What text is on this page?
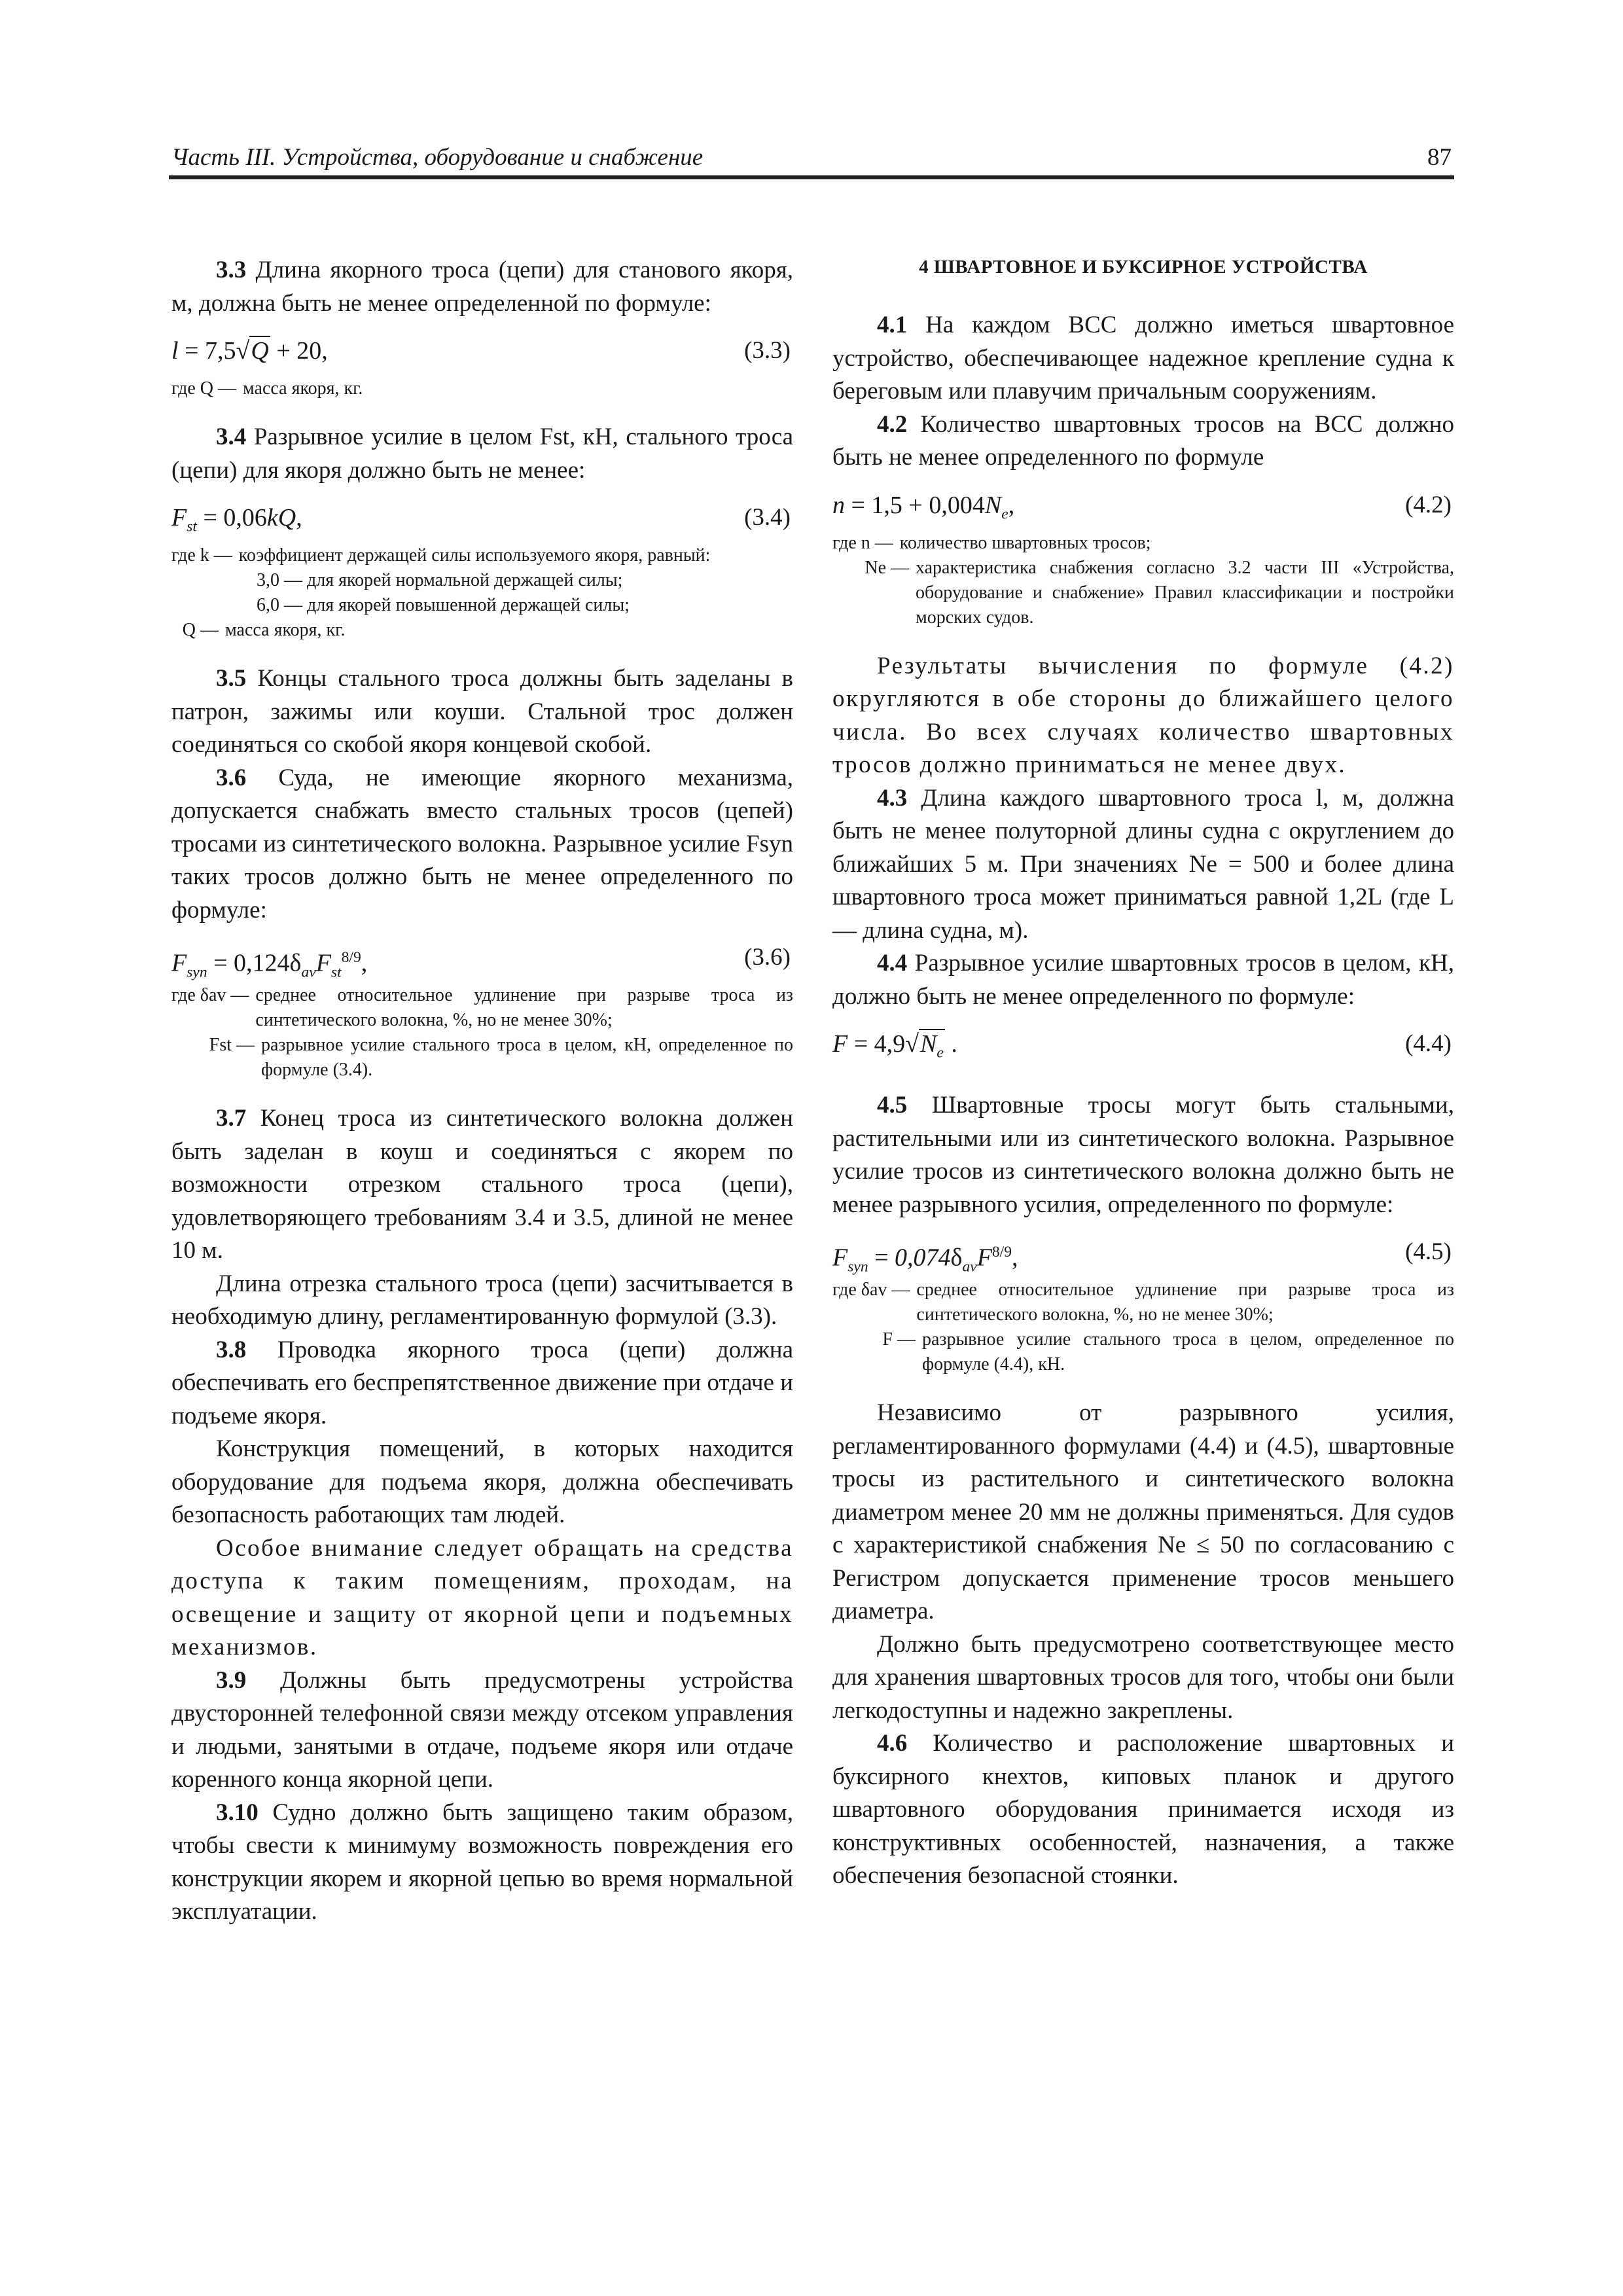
Часть III. Устройства, оборудование и снабжение	87

3.3 Длина якорного троса (цепи) для станового якоря, м, должна быть не менее определенной по формуле:

l = 7,5√Q + 20,	(3.3)
где Q — масса якоря, кг.

3.4 Разрывное усилие в целом Fst, кН, стального троса (цепи) для якоря должно быть не менее:

$F_{st} = 0,06kQ$,	(3.4)
где k — коэффициент держащей силы используемого якоря, равный:
3,0 — для якорей нормальной держащей силы;
6,0 — для якорей повышенной держащей силы;
Q — масса якоря, кг.

3.5 Концы стального троса должны быть заделаны в патрон, зажимы или коуши. Стальной трос должен соединяться со скобой якоря концевой скобой.

3.6 Суда, не имеющие якорного механизма, допускается снабжать вместо стальных тросов (цепей) тросами из синтетического волокна. Разрывное усилие Fsyn таких тросов должно быть не менее определенного по формуле:

$F_{syn} = 0,124\delta_{av}F_{st}^{8/9}$,	(3.6)
где δav — среднее относительное удлинение при разрыве троса из синтетического волокна, %, но не менее 30%;
Fst — разрывное усилие стального троса в целом, кН, определенное по формуле (3.4).

3.7 Конец троса из синтетического волокна должен быть заделан в коуш и соединяться с якорем по возможности отрезком стального троса (цепи), удовлетворяющего требованиям 3.4 и 3.5, длиной не менее 10 м.

Длина отрезка стального троса (цепи) засчитывается в необходимую длину, регламентированную формулой (3.3).

3.8 Проводка якорного троса (цепи) должна обеспечивать его беспрепятственное движение при отдаче и подъеме якоря.

Конструкция помещений, в которых находится оборудование для подъема якоря, должна обеспечивать безопасность работающих там людей.

Особое внимание следует обращать на средства доступа к таким помещениям, проходам, на освещение и защиту от якорной цепи и подъемных механизмов.

3.9 Должны быть предусмотрены устройства двусторонней телефонной связи между отсеком управления и людьми, занятыми в отдаче, подъеме якоря или отдаче коренного конца якорной цепи.

3.10 Судно должно быть защищено таким образом, чтобы свести к минимуму возможность повреждения его конструкции якорем и якорной цепью во время нормальной эксплуатации.

4 ШВАРТОВНОЕ И БУКСИРНОЕ УСТРОЙСТВА

4.1 На каждом ВСС должно иметься швартовное устройство, обеспечивающее надежное крепление судна к береговым или плавучим причальным сооружениям.

4.2 Количество швартовных тросов на ВСС должно быть не менее определенного по формуле

$n = 1,5 + 0,004N_e$,	(4.2)
где n — количество швартовных тросов;
Ne — характеристика снабжения согласно 3.2 части III «Устройства, оборудование и снабжение» Правил классификации и постройки морских судов.

Результаты вычисления по формуле (4.2) округляются в обе стороны до ближайшего целого числа. Во всех случаях количество швартовных тросов должно приниматься не менее двух.

4.3 Длина каждого швартовного троса l, м, должна быть не менее полуторной длины судна с округлением до ближайших 5 м. При значениях Ne = 500 и более длина швартовного троса может приниматься равной 1,2L (где L — длина судна, м).

4.4 Разрывное усилие швартовных тросов в целом, кН, должно быть не менее определенного по формуле:

$F = 4,9√N_e$ .	(4.4)

4.5 Швартовные тросы могут быть стальными, растительными или из синтетического волокна. Разрывное усилие тросов из синтетического волокна должно быть не менее разрывного усилия, определенного по формуле:

$F_{syn} = 0,074\delta_{av}F^{8/9}$,	(4.5)
где δav — среднее относительное удлинение при разрыве троса из синтетического волокна, %, но не менее 30%;
F — разрывное усилие стального троса в целом, определенное по формуле (4.4), кН.

Независимо от разрывного усилия, регламентированного формулами (4.4) и (4.5), швартовные тросы из растительного и синтетического волокна диаметром менее 20 мм не должны применяться. Для судов с характеристикой снабжения Ne ≤ 50 по согласованию с Регистром допускается применение тросов меньшего диаметра.

Должно быть предусмотрено соответствующее место для хранения швартовных тросов для того, чтобы они были легкодоступны и надежно закреплены.

4.6 Количество и расположение швартовных и буксирного кнехтов, киповых планок и другого швартовного оборудования принимается исходя из конструктивных особенностей, назначения, а также обеспечения безопасной стоянки.
